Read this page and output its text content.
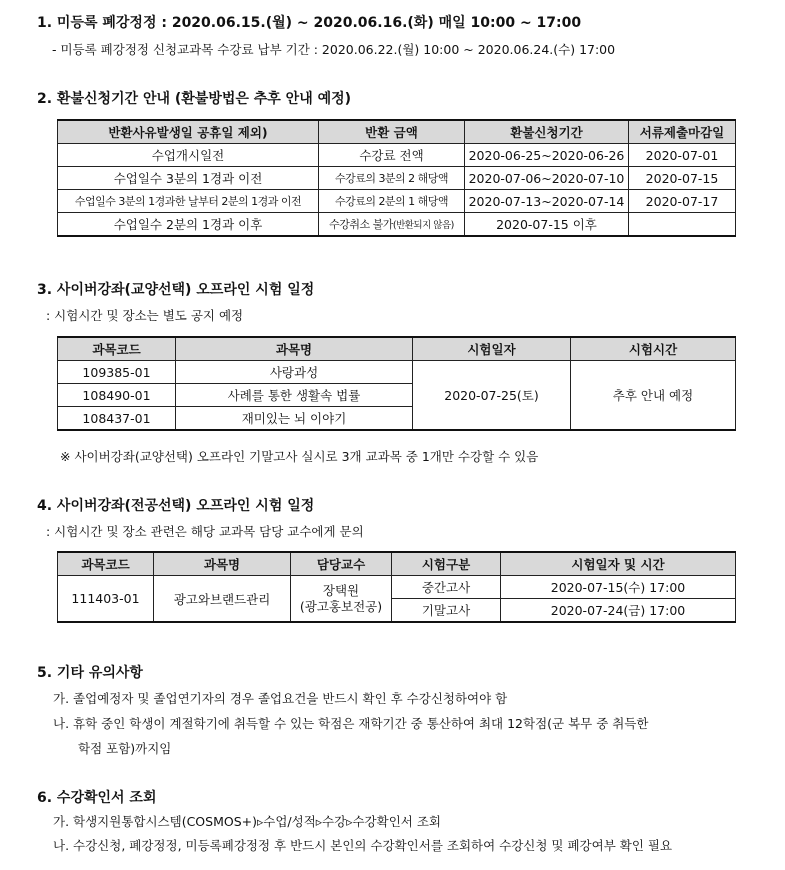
1. 미등록 폐강정정 : 2020.06.15.(월) ~ 2020.06.16.(화) 매일 10:00 ~ 17:00
- 미등록 폐강정정 신청교과목 수강료 납부 기간 : 2020.06.22.(월) 10:00 ~ 2020.06.24.(수) 17:00
2. 환불신청기간 안내 (환불방법은 추후 안내 예정)
반환사유발생일 공휴일 제외)	반환 금액	환불신청기간	서류제출마감일
수업개시일전	수강료 전액	2020-06-25~2020-06-26	2020-07-01
수업일수 3분의 1경과 이전	수강료의 3분의 2 해당액	2020-07-06~2020-07-10	2020-07-15
수업일수 3분의 1경과한 날부터 2분의 1경과 이전	수강료의 2분의 1 해당액	2020-07-13~2020-07-14	2020-07-17
수업일수 2분의 1경과 이후	수강취소 불가(반환되지 않음)	2020-07-15 이후	
3. 사이버강좌(교양선택) 오프라인 시험 일정
: 시험시간 및 장소는 별도 공지 예정
과목코드	과목명	시험일자	시험시간
109385-01	사랑과성	2020-07-25(토)	추후 안내 예정
108490-01	사례를 통한 생활속 법률		
108437-01	재미있는 뇌 이야기		
※ 사이버강좌(교양선택) 오프라인 기말고사 실시로 3개 교과목 중 1개만 수강할 수 있음
4. 사이버강좌(전공선택) 오프라인 시험 일정
: 시험시간 및 장소 관련은 해당 교과목 담당 교수에게 문의
과목코드	과목명	담당교수	시험구분	시험일자 및 시간
111403-01	광고와브랜드관리	장택원
(광고홍보전공)	중간고사	2020-07-15(수) 17:00
			기말고사	2020-07-24(금) 17:00
5. 기타 유의사항
가. 졸업예정자 및 졸업연기자의 경우 졸업요건을 반드시 확인 후 수강신청하여야 함
나. 휴학 중인 학생이 계절학기에 취득할 수 있는 학점은 재학기간 중 통산하여 최대 12학점(군 복무 중 취득한
학점 포함)까지임
6. 수강확인서 조회
가. 학생지원통합시스템(COSMOS+)▹수업/성적▹수강▹수강확인서 조회
나. 수강신청, 폐강정정, 미등록폐강정정 후 반드시 본인의 수강확인서를 조회하여 수강신청 및 폐강여부 확인 필요
